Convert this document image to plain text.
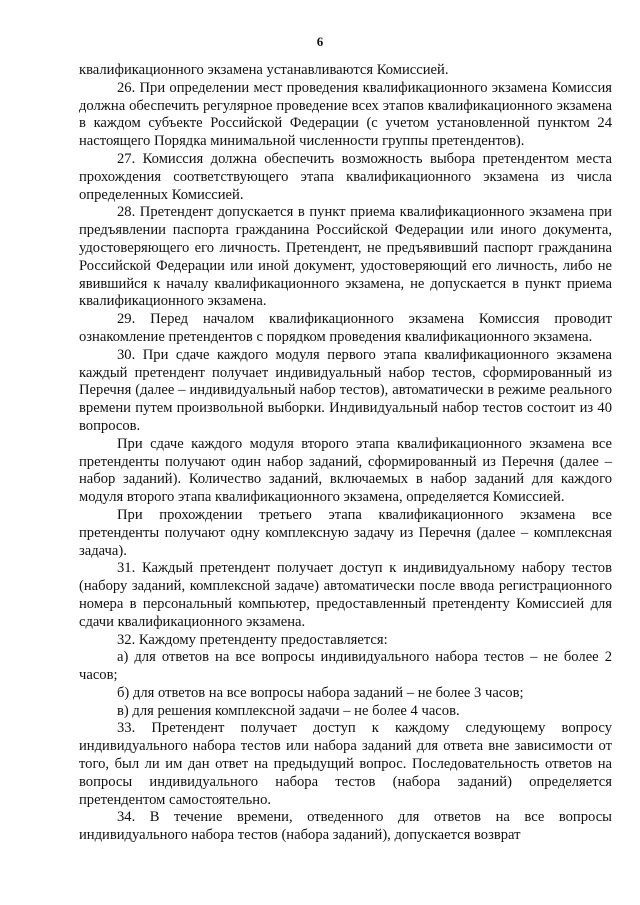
6

квалификационного экзамена устанавливаются Комиссией.

26. При определении мест проведения квалификационного экзамена Комиссия должна обеспечить регулярное проведение всех этапов квалификационного экзамена в каждом субъекте Российской Федерации (с учетом установленной пунктом 24 настоящего Порядка минимальной численности группы претендентов).

27. Комиссия должна обеспечить возможность выбора претендентом места прохождения соответствующего этапа квалификационного экзамена из числа определенных Комиссией.

28. Претендент допускается в пункт приема квалификационного экзамена при предъявлении паспорта гражданина Российской Федерации или иного документа, удостоверяющего его личность. Претендент, не предъявивший паспорт гражданина Российской Федерации или иной документ, удостоверяющий его личность, либо не явившийся к началу квалификационного экзамена, не допускается в пункт приема квалификационного экзамена.

29. Перед началом квалификационного экзамена Комиссия проводит ознакомление претендентов с порядком проведения квалификационного экзамена.

30. При сдаче каждого модуля первого этапа квалификационного экзамена каждый претендент получает индивидуальный набор тестов, сформированный из Перечня (далее – индивидуальный набор тестов), автоматически в режиме реального времени путем произвольной выборки. Индивидуальный набор тестов состоит из 40 вопросов.

При сдаче каждого модуля второго этапа квалификационного экзамена все претенденты получают один набор заданий, сформированный из Перечня (далее – набор заданий). Количество заданий, включаемых в набор заданий для каждого модуля второго этапа квалификационного экзамена, определяется Комиссией.

При прохождении третьего этапа квалификационного экзамена все претенденты получают одну комплексную задачу из Перечня (далее – комплексная задача).

31. Каждый претендент получает доступ к индивидуальному набору тестов (набору заданий, комплексной задаче) автоматически после ввода регистрационного номера в персональный компьютер, предоставленный претенденту Комиссией для сдачи квалификационного экзамена.

32. Каждому претенденту предоставляется:

а) для ответов на все вопросы индивидуального набора тестов – не более 2 часов;

б) для ответов на все вопросы набора заданий – не более 3 часов;

в) для решения комплексной задачи – не более 4 часов.

33. Претендент получает доступ к каждому следующему вопросу индивидуального набора тестов или набора заданий для ответа вне зависимости от того, был ли им дан ответ на предыдущий вопрос. Последовательность ответов на вопросы индивидуального набора тестов (набора заданий) определяется претендентом самостоятельно.

34. В течение времени, отведенного для ответов на все вопросы индивидуального набора тестов (набора заданий), допускается возврат
